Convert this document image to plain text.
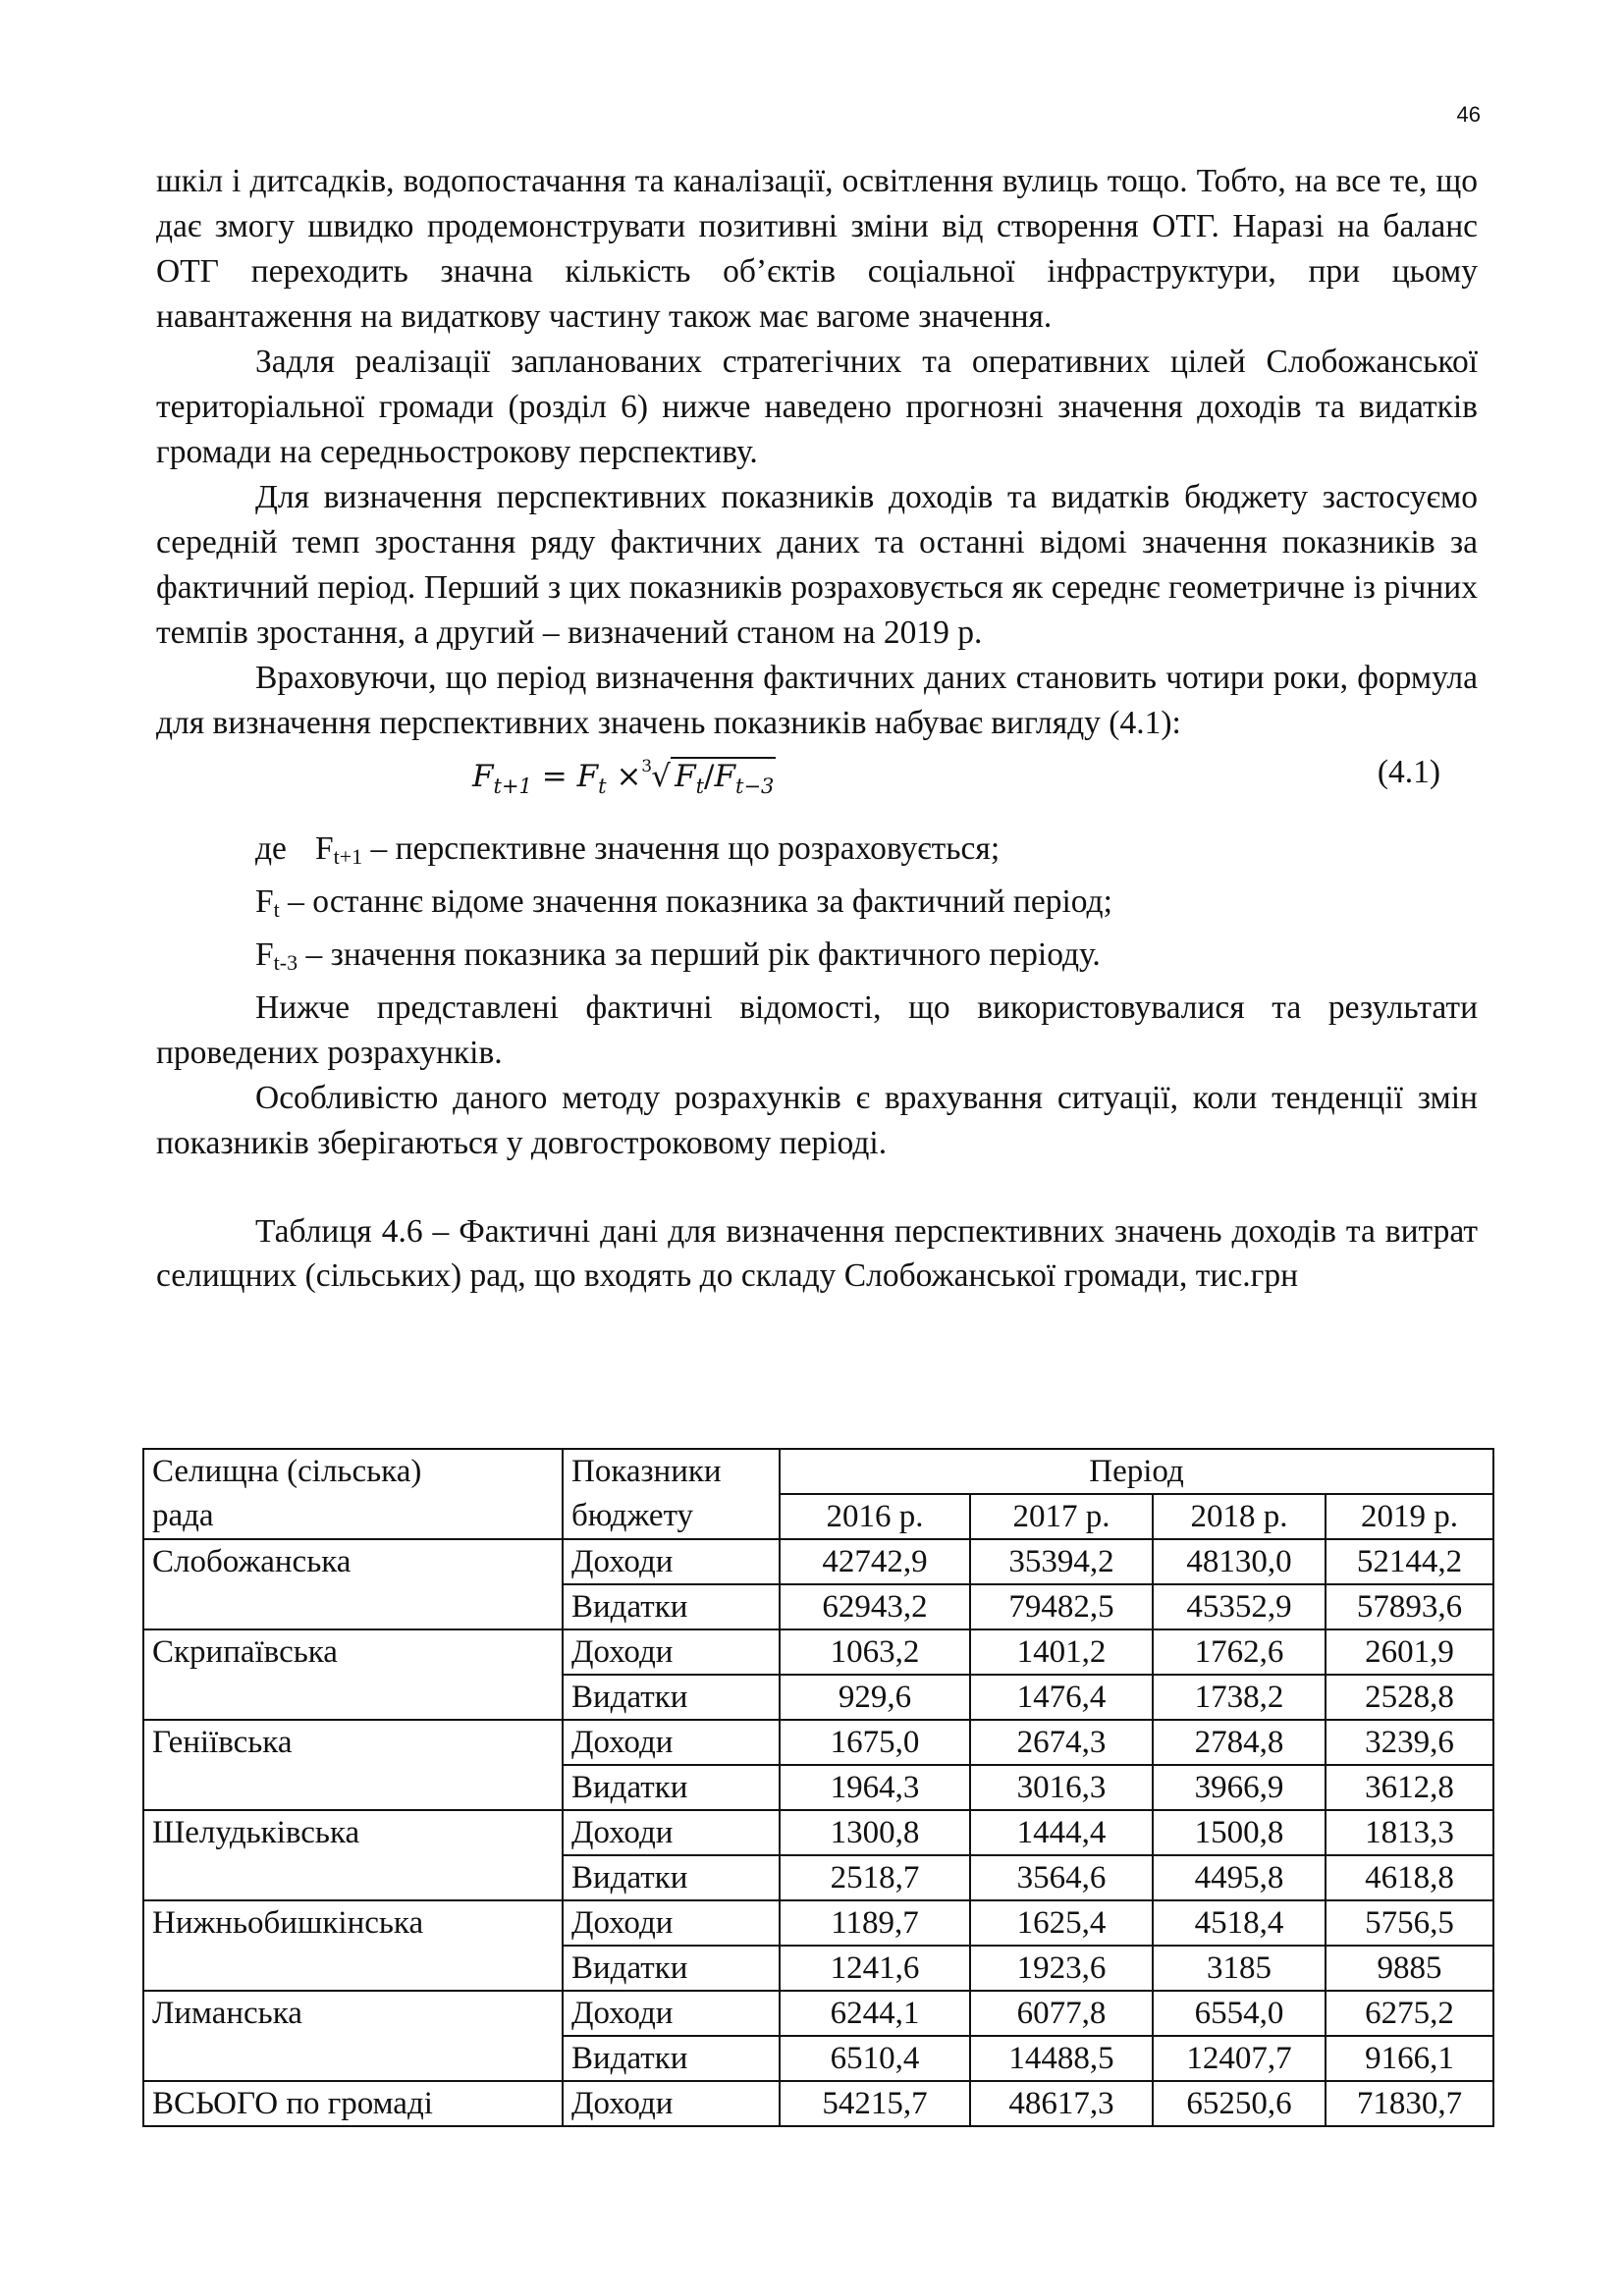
46

шкіл і дитсадків, водопостачання та каналізації, освітлення вулиць тощо. Тобто, на все те, що дає змогу швидко продемонструвати позитивні зміни від створення ОТГ. Наразі на баланс ОТГ переходить значна кількість об’єктів соціальної інфраструктури, при цьому навантаження на видаткову частину також має вагоме значення.

Задля реалізації запланованих стратегічних та оперативних цілей Слобожанської територіальної громади (розділ 6) нижче наведено прогнозні значення доходів та видатків громади на середньострокову перспективу.

Для визначення перспективних показників доходів та видатків бюджету застосуємо середній темп зростання ряду фактичних даних та останні відомі значення показників за фактичний період. Перший з цих показників розраховується як середнє геометричне із річних темпів зростання, а другий – визначений станом на 2019 р.

Враховуючи, що період визначення фактичних даних становить чотири роки, формула для визначення перспективних значень показників набуває вигляду (4.1):

$F_{t+1} = F_t \times 3$ √ $F_t/F_{t-3}$	(4.1)

де $F_{t+1}$ – перспективне значення що розраховується;

$F_t$ – останнє відоме значення показника за фактичний період;

$F_{t-3}$ – значення показника за перший рік фактичного періоду.

Нижче представлені фактичні відомості, що використовувалися та результати проведених розрахунків.

Особливістю даного методу розрахунків є врахування ситуації, коли тенденції змін показників зберігаються у довгостроковому періоді.

Таблиця 4.6 – Фактичні дані для визначення перспективних значень доходів та витрат селищних (сільських) рад, що входять до складу Слобожанської громади, тис.грн

Селищна (сільська)	Показники	Період			
рада	бюджету	2016 р.	2017 р.	2018 р.	2019 р.
Слобожанська	Доходи	42742,9	35394,2	48130,0	52144,2
	Видатки	62943,2	79482,5	45352,9	57893,6
Скрипаївська	Доходи	1063,2	1401,2	1762,6	2601,9
	Видатки	929,6	1476,4	1738,2	2528,8
Геніївська	Доходи	1675,0	2674,3	2784,8	3239,6
	Видатки	1964,3	3016,3	3966,9	3612,8
Шелудьківська	Доходи	1300,8	1444,4	1500,8	1813,3
	Видатки	2518,7	3564,6	4495,8	4618,8
Нижньобишкінська	Доходи	1189,7	1625,4	4518,4	5756,5
	Видатки	1241,6	1923,6	3185	9885
Лиманська	Доходи	6244,1	6077,8	6554,0	6275,2
	Видатки	6510,4	14488,5	12407,7	9166,1
ВСЬОГО по громаді	Доходи	54215,7	48617,3	65250,6	71830,7
